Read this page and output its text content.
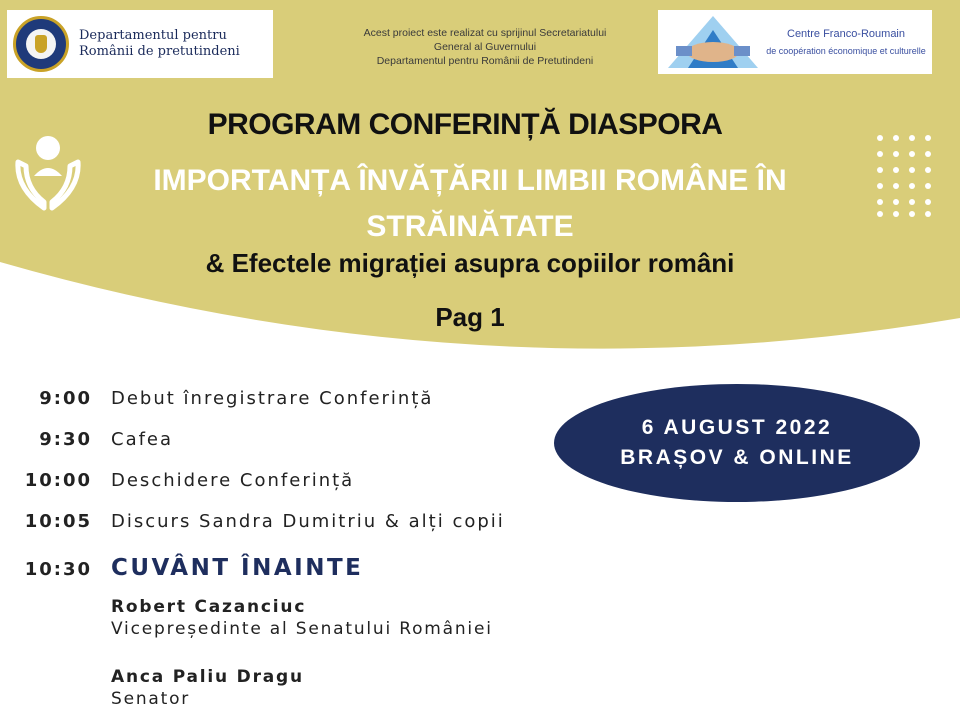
Departamentul pentru
Românii de pretutindeni
Acest proiect este realizat cu sprijinul Secretariatului
General al Guvernului
Departamentul pentru Românii de Pretutindeni
Centre Franco-Roumain
de coopération économique et culturelle
PROGRAM CONFERINȚĂ DIASPORA
IMPORTANȚA ÎNVĂȚĂRII LIMBII ROMÂNE ÎN
STRĂINĂTATE
& Efectele migrației asupra copiilor români
Pag 1
6 AUGUST 2022
BRAȘOV & ONLINE
9:00 Debut înregistrare Conferință
9:30 Cafea
10:00 Deschidere Conferință
10:05 Discurs Sandra Dumitriu & alți copii
10:30 CUVÂNT ÎNAINTE
Robert Cazanciuc
Vicepreședinte al Senatului României
Anca Paliu Dragu
Senator
